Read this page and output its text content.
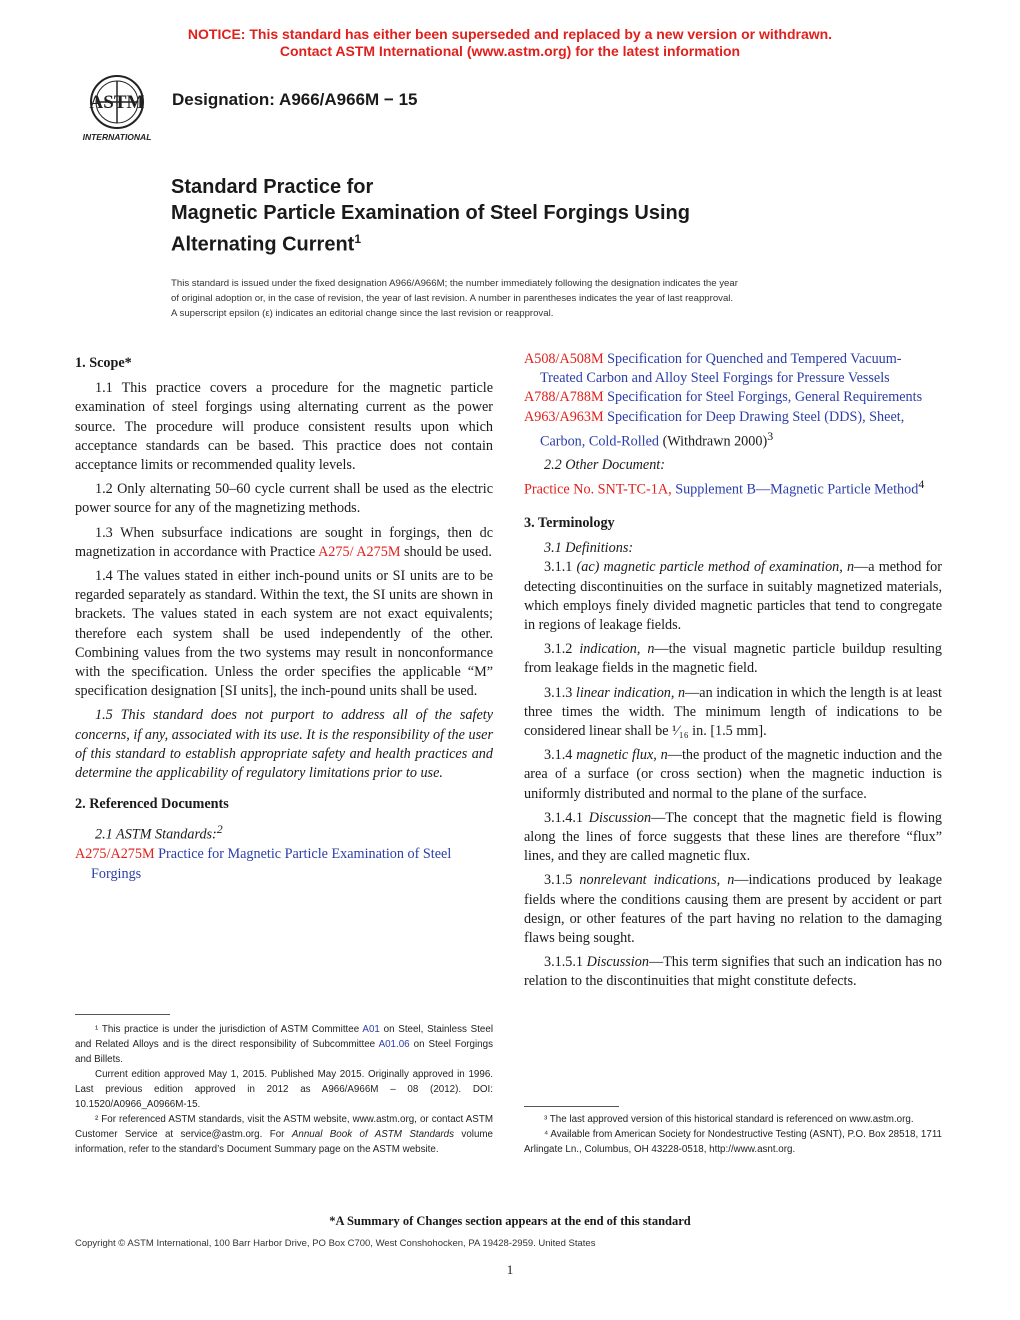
NOTICE: This standard has either been superseded and replaced by a new version or withdrawn.
Contact ASTM International (www.astm.org) for the latest information
ASTM
INTERNATIONAL
Designation: A966/A966M − 15
Standard Practice for
Magnetic Particle Examination of Steel Forgings Using
Alternating Current$^1$
This standard is issued under the fixed designation A966/A966M; the number immediately following the designation indicates the year
of original adoption or, in the case of revision, the year of last revision. A number in parentheses indicates the year of last reapproval.
A superscript epsilon (ε) indicates an editorial change since the last revision or reapproval.
1. Scope*

1.1 This practice covers a procedure for the magnetic particle examination of steel forgings using alternating current as the power source. The procedure will produce consistent results upon which acceptance standards can be based. This practice does not contain acceptance limits or recommended quality levels.

1.2 Only alternating 50–60 cycle current shall be used as the electric power source for any of the magnetizing methods.

1.3 When subsurface indications are sought in forgings, then dc magnetization in accordance with Practice A275/ A275M should be used.

1.4 The values stated in either inch-pound units or SI units are to be regarded separately as standard. Within the text, the SI units are shown in brackets. The values stated in each system are not exact equivalents; therefore each system shall be used independently of the other. Combining values from the two systems may result in nonconformance with the specification. Unless the order specifies the applicable “M” specification designation [SI units], the inch-pound units shall be used.

1.5 This standard does not purport to address all of the safety concerns, if any, associated with its use. It is the responsibility of the user of this standard to establish appropriate safety and health practices and determine the applicability of regulatory limitations prior to use.

2. Referenced Documents

2.1 ASTM Standards:$^2$

A275/A275M Practice for Magnetic Particle Examination of Steel Forgings

A508/A508M Specification for Quenched and Tempered Vacuum-Treated Carbon and Alloy Steel Forgings for Pressure Vessels

A788/A788M Specification for Steel Forgings, General Requirements

A963/A963M Specification for Deep Drawing Steel (DDS), Sheet, Carbon, Cold-Rolled (Withdrawn 2000)$^3$

2.2 Other Document:

Practice No. SNT-TC-1A, Supplement B—Magnetic Particle Method$^4$

3. Terminology

3.1 Definitions:

3.1.1 (ac) magnetic particle method of examination, n—a method for detecting discontinuities on the surface in suitably magnetized materials, which employs finely divided magnetic particles that tend to congregate in regions of leakage fields.

3.1.2 indication, n—the visual magnetic particle buildup resulting from leakage fields in the magnetic field.

3.1.3 linear indication, n—an indication in which the length is at least three times the width. The minimum length of indications to be considered linear shall be ¹⁄₁₆ in. [1.5 mm].

3.1.4 magnetic flux, n—the product of the magnetic induction and the area of a surface (or cross section) when the magnetic induction is uniformly distributed and normal to the plane of the surface.

3.1.4.1 Discussion—The concept that the magnetic field is flowing along the lines of force suggests that these lines are therefore “flux” lines, and they are called magnetic flux.

3.1.5 nonrelevant indications, n—indications produced by leakage fields where the conditions causing them are present by accident or part design, or other features of the part having no relation to the damaging flaws being sought.

3.1.5.1 Discussion—This term signifies that such an indication has no relation to the discontinuities that might constitute defects.

¹ This practice is under the jurisdiction of ASTM Committee A01 on Steel, Stainless Steel and Related Alloys and is the direct responsibility of Subcommittee A01.06 on Steel Forgings and Billets.

Current edition approved May 1, 2015. Published May 2015. Originally approved in 1996. Last previous edition approved in 2012 as A966/A966M – 08 (2012). DOI: 10.1520/A0966_A0966M-15.

² For referenced ASTM standards, visit the ASTM website, www.astm.org, or contact ASTM Customer Service at service@astm.org. For Annual Book of ASTM Standards volume information, refer to the standard’s Document Summary page on the ASTM website.

³ The last approved version of this historical standard is referenced on www.astm.org.

⁴ Available from American Society for Nondestructive Testing (ASNT), P.O. Box 28518, 1711 Arlingate Ln., Columbus, OH 43228-0518, http://www.asnt.org.

*A Summary of Changes section appears at the end of this standard
Copyright © ASTM International, 100 Barr Harbor Drive, PO Box C700, West Conshohocken, PA 19428-2959. United States
1
